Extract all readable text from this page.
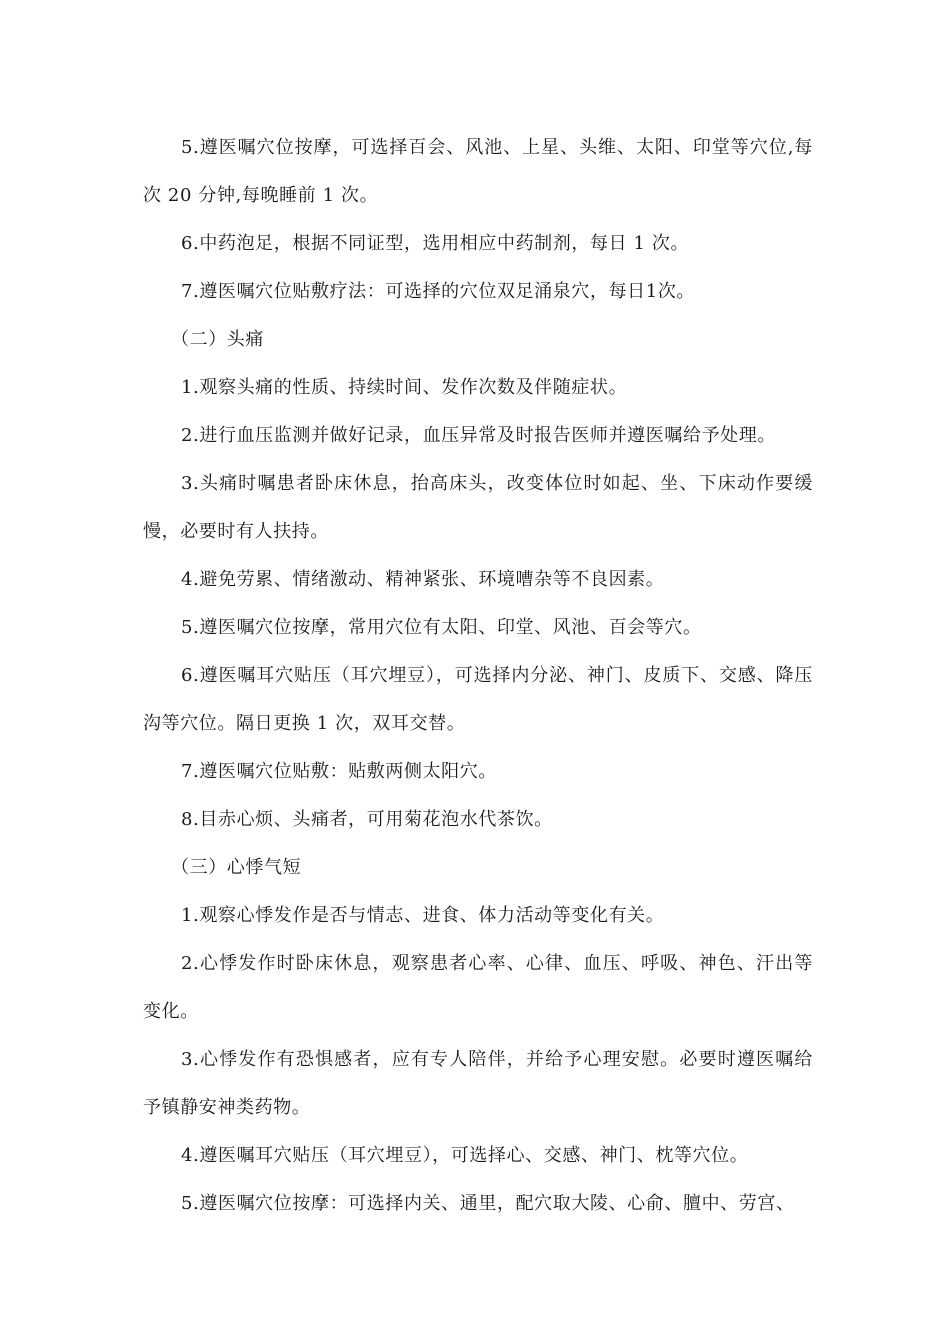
5.遵医嘱穴位按摩，可选择百会、风池、上星、头维、太阳、印堂等穴位,每次 20 分钟,每晚睡前 1 次。

6.中药泡足，根据不同证型，选用相应中药制剂，每日 1 次。

7.遵医嘱穴位贴敷疗法：可选择的穴位双足涌泉穴，每日1次。

（二）头痛

1.观察头痛的性质、持续时间、发作次数及伴随症状。

2.进行血压监测并做好记录，血压异常及时报告医师并遵医嘱给予处理。

3.头痛时嘱患者卧床休息，抬高床头，改变体位时如起、坐、下床动作要缓慢，必要时有人扶持。

4.避免劳累、情绪激动、精神紧张、环境嘈杂等不良因素。

5.遵医嘱穴位按摩，常用穴位有太阳、印堂、风池、百会等穴。

6.遵医嘱耳穴贴压（耳穴埋豆），可选择内分泌、神门、皮质下、交感、降压沟等穴位。隔日更换 1 次，双耳交替。

7.遵医嘱穴位贴敷：贴敷两侧太阳穴。

8.目赤心烦、头痛者，可用菊花泡水代茶饮。

（三）心悸气短

1.观察心悸发作是否与情志、进食、体力活动等变化有关。

2.心悸发作时卧床休息，观察患者心率、心律、血压、呼吸、神色、汗出等变化。

3.心悸发作有恐惧感者，应有专人陪伴，并给予心理安慰。必要时遵医嘱给予镇静安神类药物。

4.遵医嘱耳穴贴压（耳穴埋豆），可选择心、交感、神门、枕等穴位。

5.遵医嘱穴位按摩：可选择内关、通里，配穴取大陵、心俞、膻中、劳宫、
